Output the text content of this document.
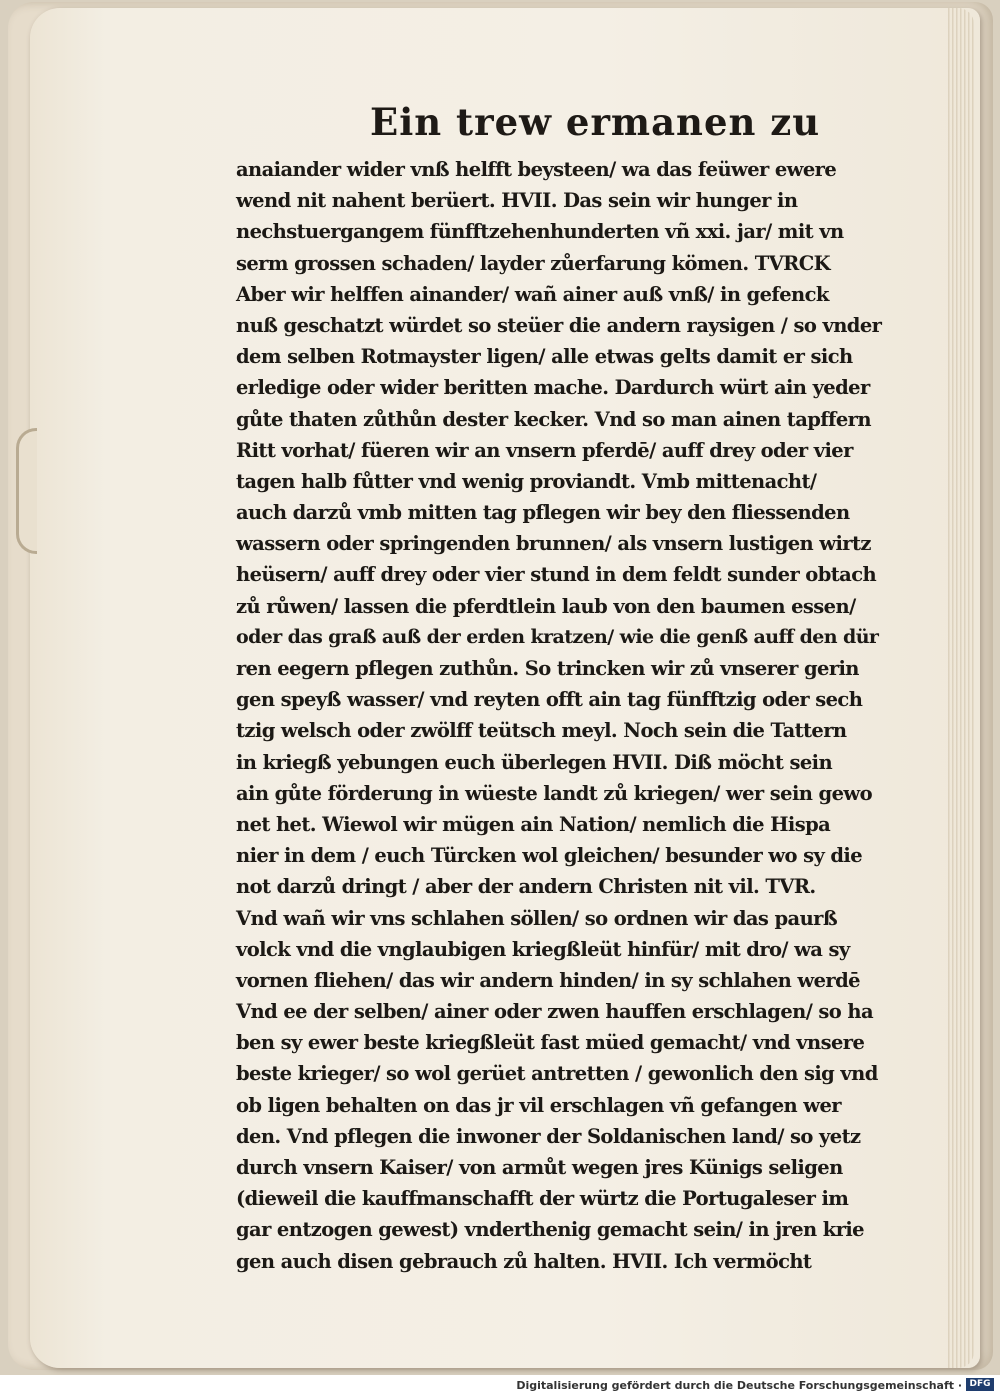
Ein trew ermanen zu
anaiander wider vnß helfft beysteen/ wa das feüwer ewere
wend nit nahent berüert. HVII. Das sein wir hunger in
nechstuergangem fünfftzehenhunderten vñ xxi. jar/ mit vn
serm grossen schaden/ layder zůerfarung kömen. TVRCK
Aber wir helffen ainander/ wañ ainer auß vnß/ in gefenck
nuß geschatzt würdet so steüer die andern raysigen / so vnder
dem selben Rotmayster ligen/ alle etwas gelts damit er sich
erledige oder wider beritten mache. Dardurch würt ain yeder
gůte thaten zůthůn dester kecker. Vnd so man ainen tapffern
Ritt vorhat/ füeren wir an vnsern pferdē/ auff drey oder vier
tagen halb fůtter vnd wenig proviandt. Vmb mittenacht/
auch darzů vmb mitten tag pflegen wir bey den fliessenden
wassern oder springenden brunnen/ als vnsern lustigen wirtz
heüsern/ auff drey oder vier stund in dem feldt sunder obtach
zů růwen/ lassen die pferdtlein laub von den baumen essen/
oder das graß auß der erden kratzen/ wie die genß auff den dür
ren eegern pflegen zuthůn. So trincken wir zů vnserer gerin
gen speyß wasser/ vnd reyten offt ain tag fünfftzig oder sech
tzig welsch oder zwölff teütsch meyl. Noch sein die Tattern
in kriegß yebungen euch überlegen HVII. Diß möcht sein
ain gůte förderung in wüeste landt zů kriegen/ wer sein gewo
net het. Wiewol wir mügen ain Nation/ nemlich die Hispa
nier in dem / euch Türcken wol gleichen/ besunder wo sy die
not darzů dringt / aber der andern Christen nit vil. TVR.
Vnd wañ wir vns schlahen söllen/ so ordnen wir das paurß
volck vnd die vnglaubigen kriegßleüt hinfür/ mit dro/ wa sy
vornen fliehen/ das wir andern hinden/ in sy schlahen werdē
Vnd ee der selben/ ainer oder zwen hauffen erschlagen/ so ha
ben sy ewer beste kriegßleüt fast müed gemacht/ vnd vnsere
beste krieger/ so wol gerüet antretten / gewonlich den sig vnd
ob ligen behalten on das jr vil erschlagen vñ gefangen wer
den. Vnd pflegen die inwoner der Soldanischen land/ so yetz
durch vnsern Kaiser/ von armůt wegen jres Künigs seligen
(dieweil die kauffmanschafft der würtz die Portugaleser im
gar entzogen gewest) vnderthenig gemacht sein/ in jren krie
gen auch disen gebrauch zů halten. HVII. Ich vermöcht
Digitalisierung gefördert durch die Deutsche Forschungsgemeinschaft · DFG
